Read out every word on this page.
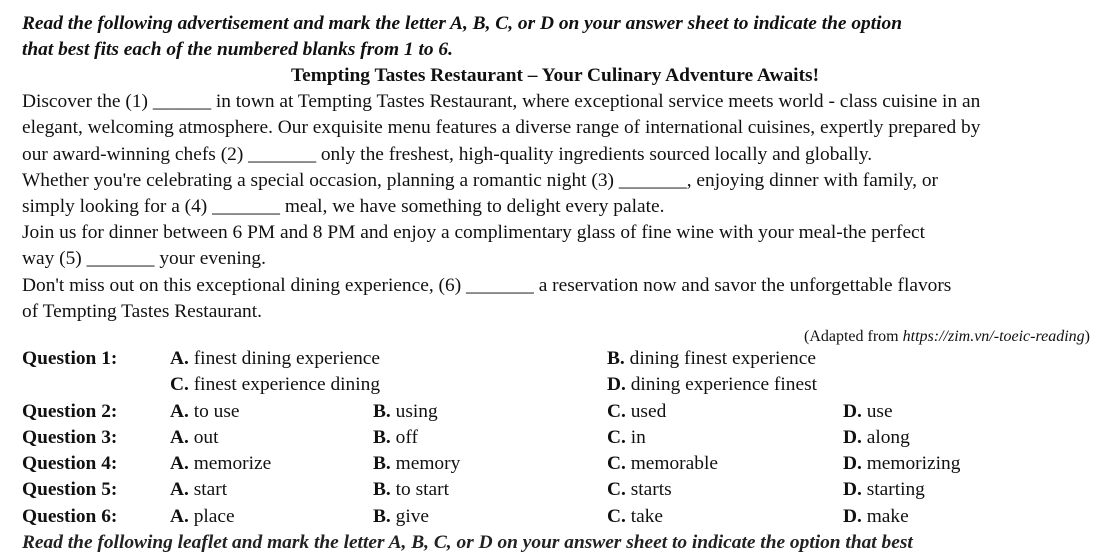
Read the following advertisement and mark the letter A, B, C, or D on your answer sheet to indicate the option
that best fits each of the numbered blanks from 1 to 6.
Tempting Tastes Restaurant – Your Culinary Adventure Awaits!
Discover the (1) ______ in town at Tempting Tastes Restaurant, where exceptional service meets world - class cuisine in an
elegant, welcoming atmosphere. Our exquisite menu features a diverse range of international cuisines, expertly prepared by
our award-winning chefs (2) _______ only the freshest, high-quality ingredients sourced locally and globally.
Whether you're celebrating a special occasion, planning a romantic night (3) _______, enjoying dinner with family, or
simply looking for a (4) _______ meal, we have something to delight every palate.
Join us for dinner between 6 PM and 8 PM and enjoy a complimentary glass of fine wine with your meal-the perfect
way (5) _______ your evening.
Don't miss out on this exceptional dining experience, (6) _______ a reservation now and savor the unforgettable flavors
of Tempting Tastes Restaurant.
(Adapted from https://zim.vn/-toeic-reading)
Question 1:	A. finest dining experience	B. dining finest experience
C. finest experience dining	D. dining experience finest
Question 2:	A. to use	B. using	C. used	D. use
Question 3:	A. out	B. off	C. in	D. along
Question 4:	A. memorize	B. memory	C. memorable	D. memorizing
Question 5:	A. start	B. to start	C. starts	D. starting
Question 6:	A. place	B. give	C. take	D. make
Read the following leaflet and mark the letter A, B, C, or D on your answer sheet to indicate the option that best
